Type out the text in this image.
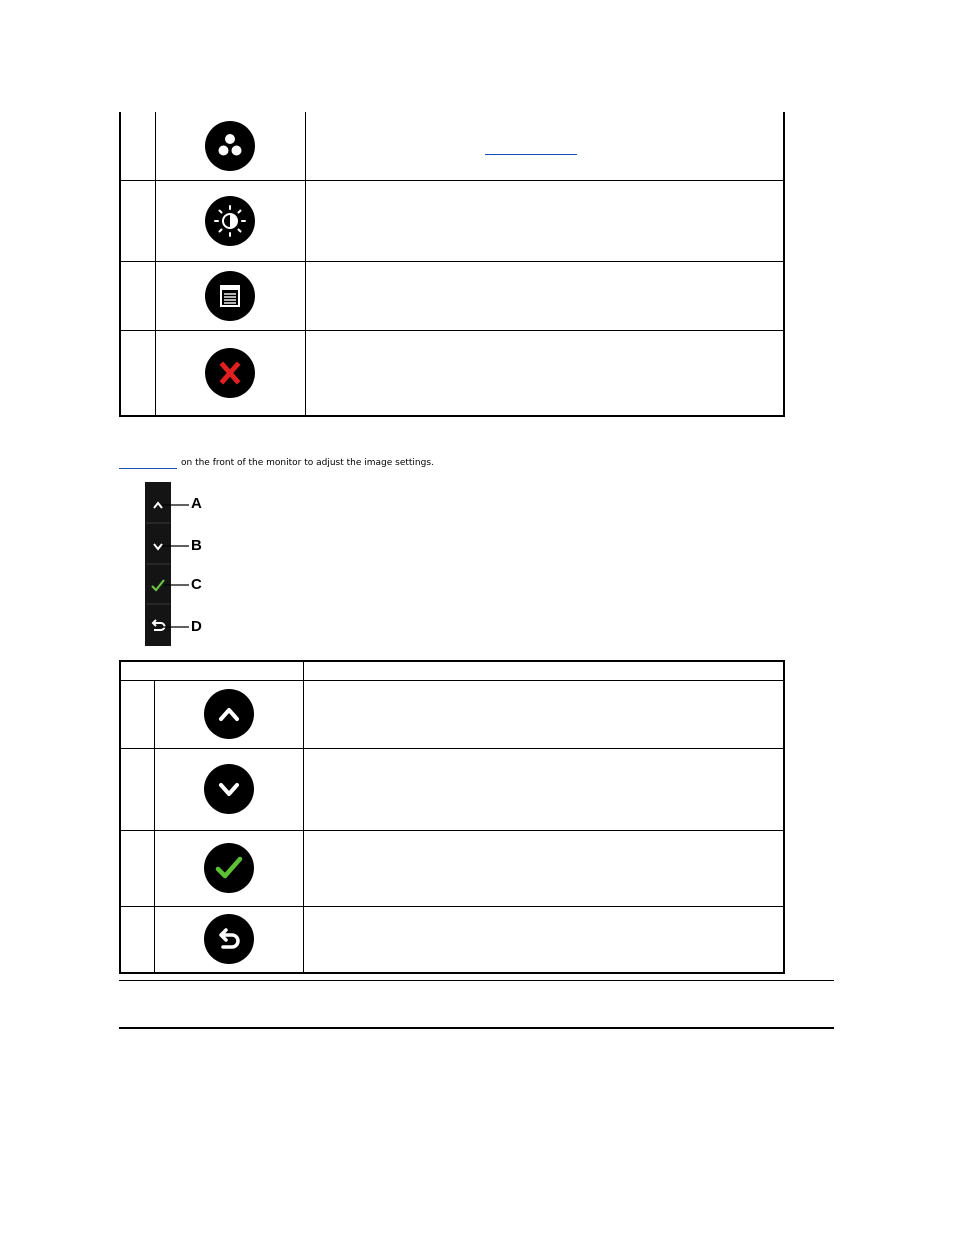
on the front of the monitor to adjust the image settings.
A
B
C
D
